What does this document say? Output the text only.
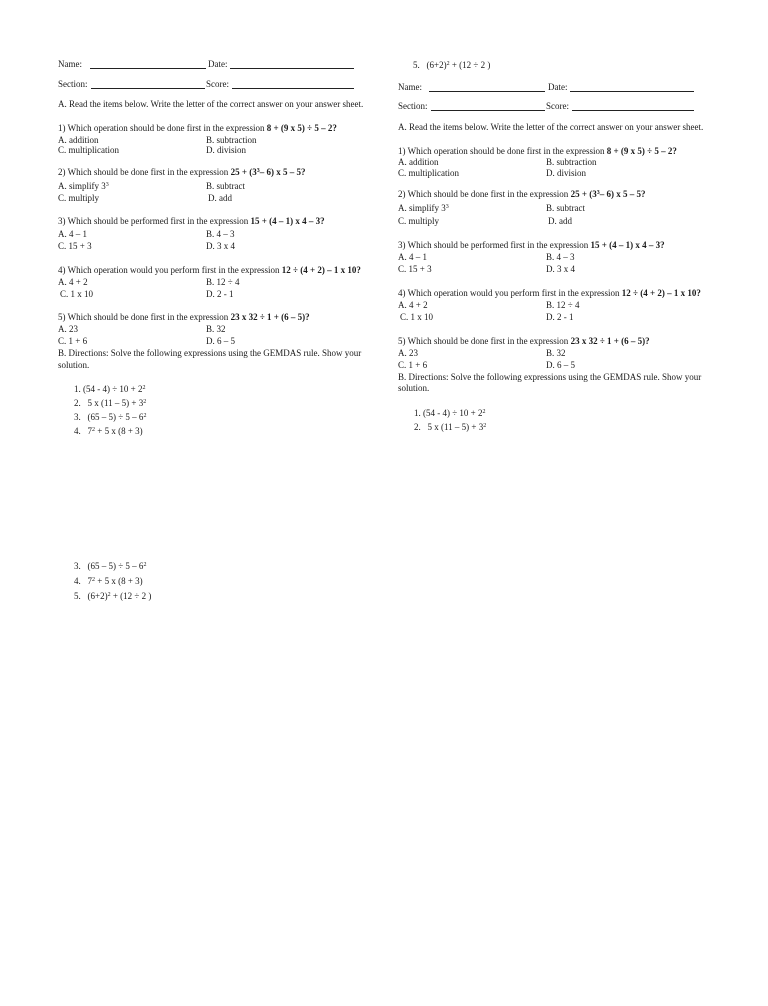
Name:	Date:
Section:	Score:
A. Read the items below. Write the letter of the correct answer on your answer sheet.
1) Which operation should be done first in the expression 8 + (9 x 5) ÷ 5 – 2?
A. addition	B. subtraction
C. multiplication	D. division
2) Which should be done first in the expression $25 + (3^3-$ 6) x 5 – 5?
A. simplify $3^3$	B. subtract
C. multiply	D. add
3) Which should be performed first in the expression 15 + (4 – 1) x 4 – 3?
A. 4 – 1	B. 4 – 3
C. 15 + 3	D. 3 x 4
4) Which operation would you perform first in the expression 12 ÷ (4 + 2) – 1 x 10?
A. 4 + 2	B. 12 ÷ 4
C. 1 x 10	D. 2 - 1
5) Which should be done first in the expression 23 x 32 ÷ 1 + (6 – 5)?
A. 23	B. 32
C. 1 + 6	D. 6 – 5
B. Directions: Solve the following expressions using the GEMDAS rule. Show your
solution.
1. $(54 - 4) \div 10 + 2^2$
2. 5 x $(11 - 5) + 3^2$
3. $(65 - 5) \div 5 - 6^2$
4. $7^2 + 5$ x (8 + 3)
3. $(65 - 5) \div 5 - 6^2$
4. $7^2 + 5$ x (8 + 3)
5. $(6+2)^2 + (12 \div 2$ )
5. $(6+2)^2 + (12 \div 2$ )
Name:	Date:
Section:	Score:
A. Read the items below. Write the letter of the correct answer on your answer sheet.
1) Which operation should be done first in the expression 8 + (9 x 5) ÷ 5 – 2?
A. addition	B. subtraction
C. multiplication	D. division
2) Which should be done first in the expression $25 + (3^3-$ 6) x 5 – 5?
A. simplify $3^3$	B. subtract
C. multiply	D. add
3) Which should be performed first in the expression 15 + (4 – 1) x 4 – 3?
A. 4 – 1	B. 4 – 3
C. 15 + 3	D. 3 x 4
4) Which operation would you perform first in the expression 12 ÷ (4 + 2) – 1 x 10?
A. 4 + 2	B. 12 ÷ 4
C. 1 x 10	D. 2 - 1
5) Which should be done first in the expression 23 x 32 ÷ 1 + (6 – 5)?
A. 23	B. 32
C. 1 + 6	D. 6 – 5
B. Directions: Solve the following expressions using the GEMDAS rule. Show your
solution.
1. $(54 - 4) \div 10 + 2^2$
2. 5 x $(11 - 5) + 3^2$
